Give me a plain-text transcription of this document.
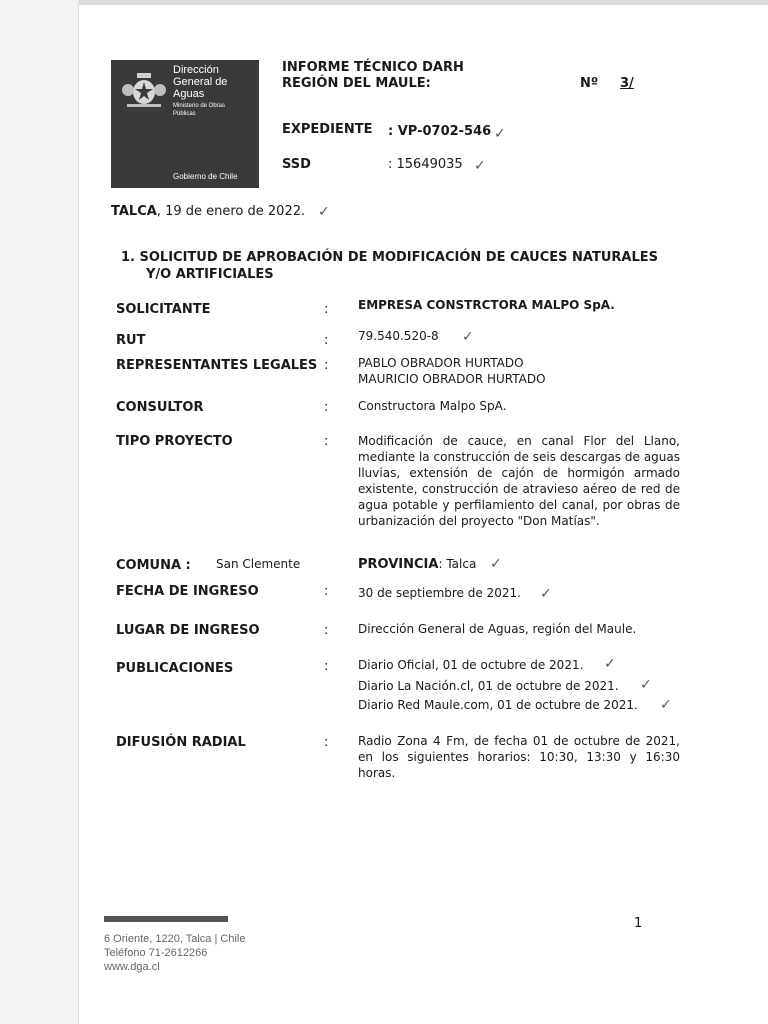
Dirección
General de
Aguas
Ministerio de Obras
Públicas
Gobierno de Chile
INFORME TÉCNICO DARH
REGIÓN DEL MAULE:	Nº 3/
EXPEDIENTE : VP-0702-546 ✓
SSD	: 15649035 ✓
TALCA, 19 de enero de 2022. ✓
1. SOLICITUD DE APROBACIÓN DE MODIFICACIÓN DE CAUCES NATURALES
Y/O ARTIFICIALES
SOLICITANTE	: EMPRESA CONSTRCTORA MALPO SpA.
RUT	: 79.540.520-8	✓
REPRESENTANTES LEGALES : PABLO OBRADOR HURTADO
MAURICIO OBRADOR HURTADO
CONSULTOR	: Constructora Malpo SpA.
TIPO PROYECTO	: Modificación de cauce, en canal Flor del Llano, mediante la construcción de seis descargas de aguas lluvias, extensión de cajón de hormigón armado existente, construcción de atravieso aéreo de red de agua potable y perfilamiento del canal, por obras de urbanización del proyecto "Don Matías".
COMUNA : San Clemente	PROVINCIA: Talca ✓
FECHA DE INGRESO	: 30 de septiembre de 2021.	✓
LUGAR DE INGRESO	: Dirección General de Aguas, región del Maule.
PUBLICACIONES	: Diario Oficial, 01 de octubre de 2021.	✓
Diario La Nación.cl, 01 de octubre de 2021.	✓
Diario Red Maule.com, 01 de octubre de 2021.	✓
DIFUSIÓN RADIAL	: Radio Zona 4 Fm, de fecha 01 de octubre de 2021, en los siguientes horarios: 10:30, 13:30 y 16:30 horas.
1
6 Oriente, 1220, Talca | Chile
Teléfono 71-2612266
www.dga.cl
